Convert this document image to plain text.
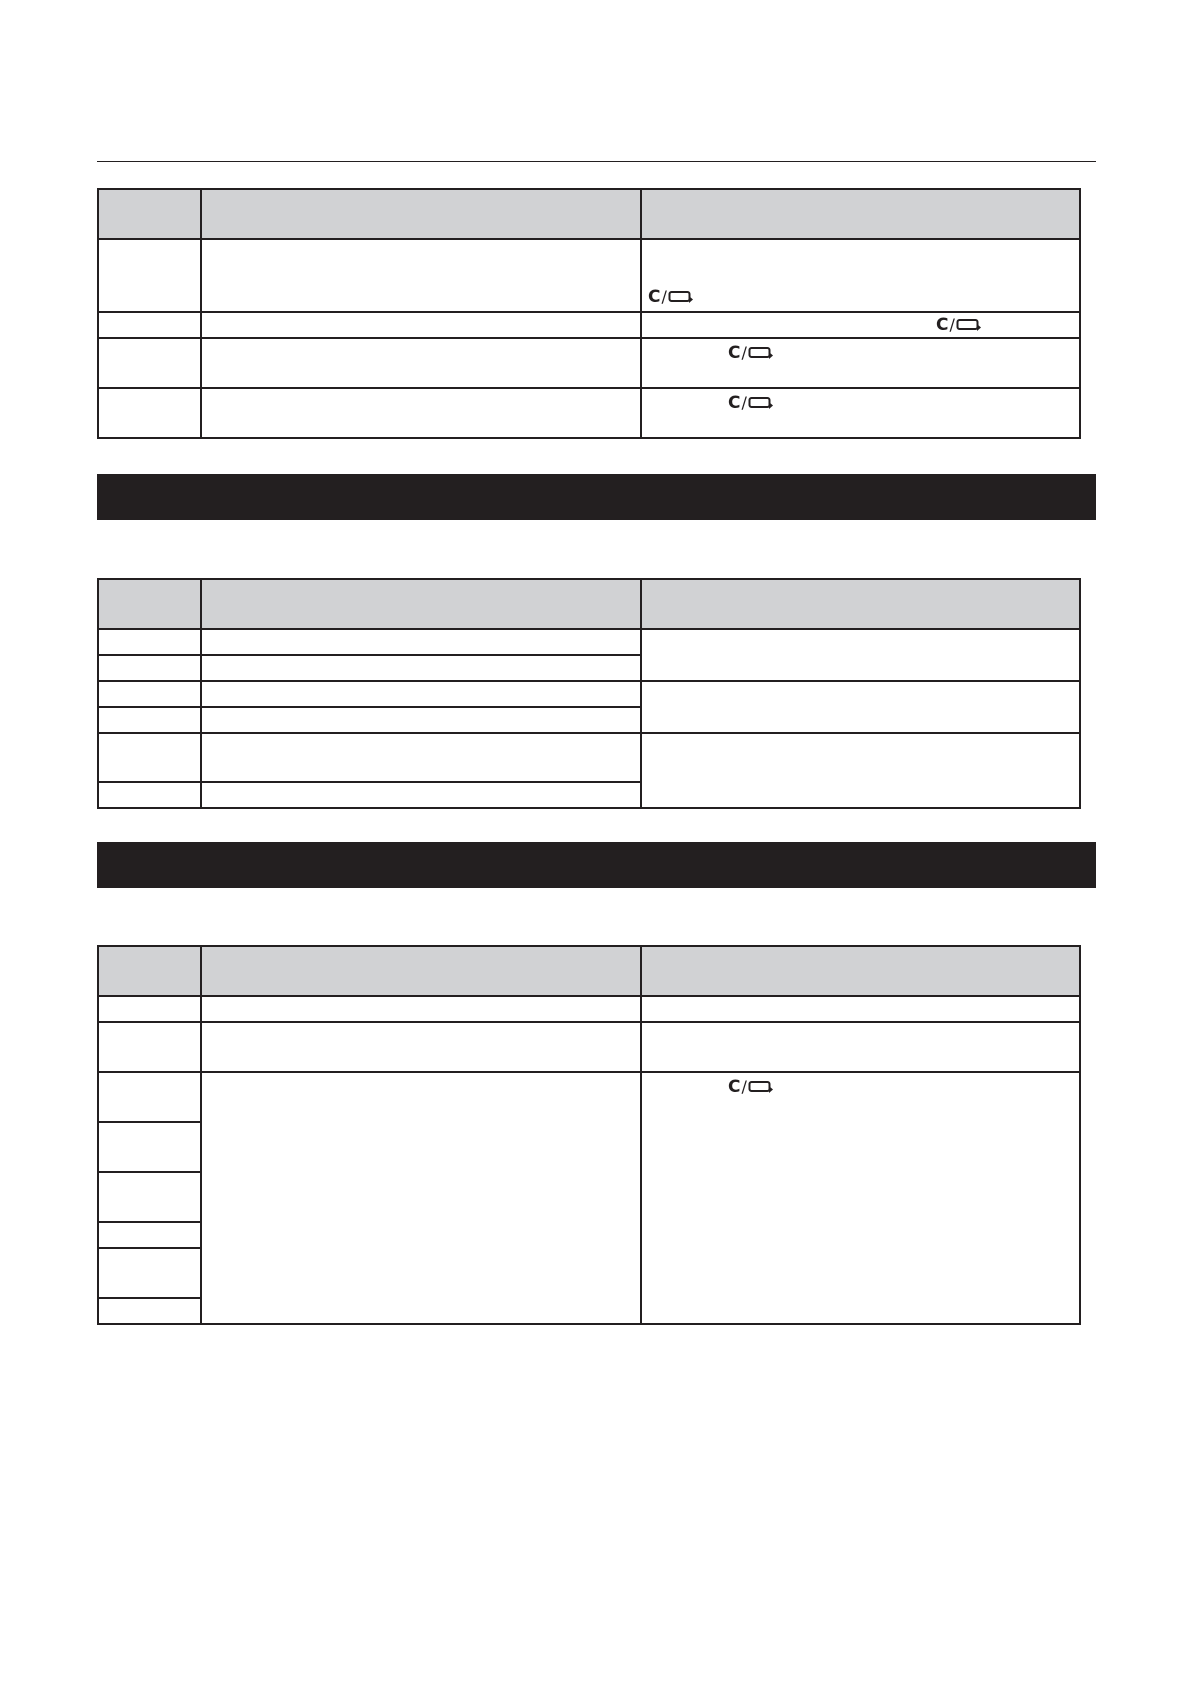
		C /

		C /

		C /

		C /

		C /
